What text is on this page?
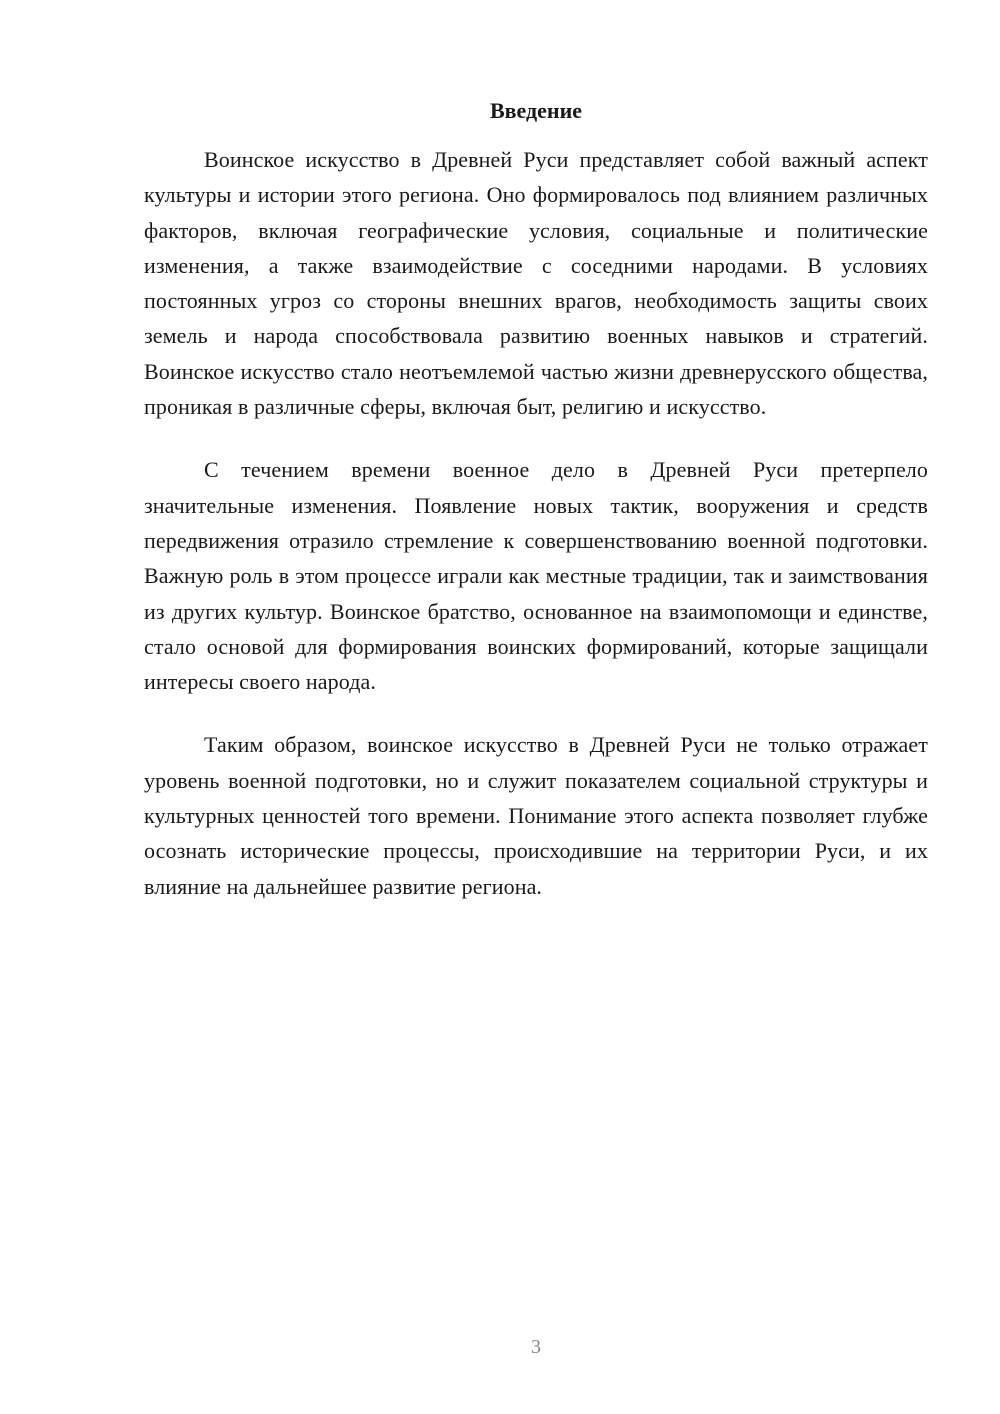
Введение

Воинское искусство в Древней Руси представляет собой важный аспект культуры и истории этого региона. Оно формировалось под влиянием различных факторов, включая географические условия, социальные и политические изменения, а также взаимодействие с соседними народами. В условиях постоянных угроз со стороны внешних врагов, необходимость защиты своих земель и народа способствовала развитию военных навыков и стратегий. Воинское искусство стало неотъемлемой частью жизни древнерусского общества, проникая в различные сферы, включая быт, религию и искусство.

С течением времени военное дело в Древней Руси претерпело значительные изменения. Появление новых тактик, вооружения и средств передвижения отразило стремление к совершенствованию военной подготовки. Важную роль в этом процессе играли как местные традиции, так и заимствования из других культур. Воинское братство, основанное на взаимопомощи и единстве, стало основой для формирования воинских формирований, которые защищали интересы своего народа.

Таким образом, воинское искусство в Древней Руси не только отражает уровень военной подготовки, но и служит показателем социальной структуры и культурных ценностей того времени. Понимание этого аспекта позволяет глубже осознать исторические процессы, происходившие на территории Руси, и их влияние на дальнейшее развитие региона.

3
